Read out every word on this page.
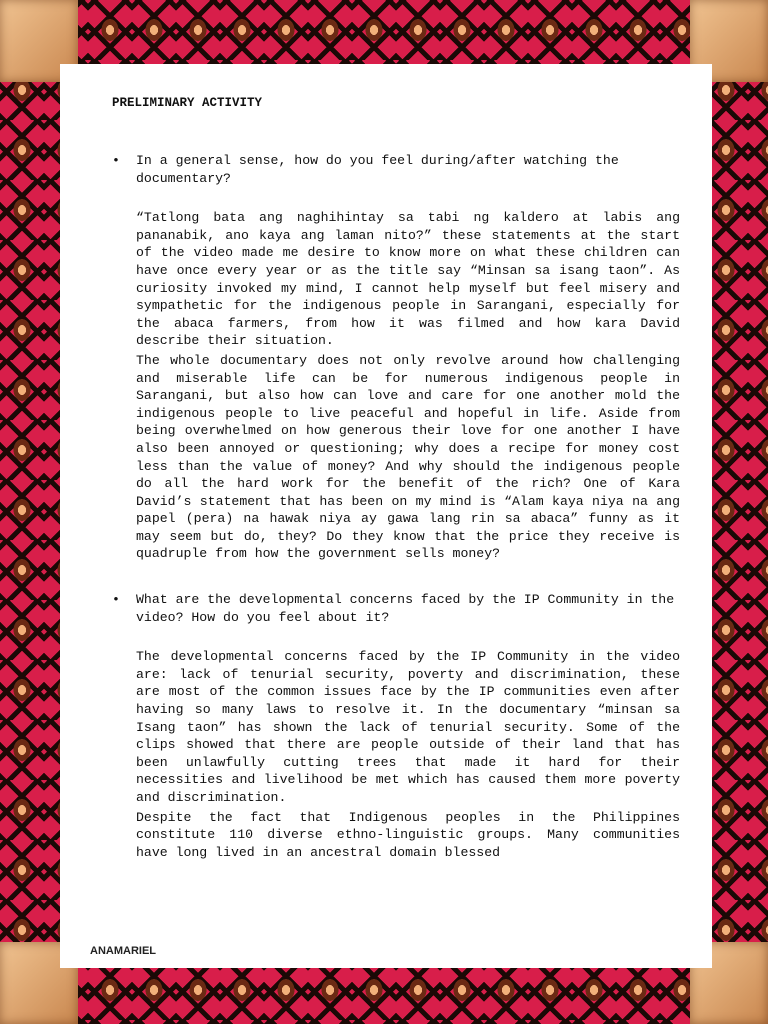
PRELIMINARY ACTIVITY
• In a general sense, how do you feel during/after watching the documentary?

“Tatlong bata ang naghihintay sa tabi ng kaldero at labis ang pananabik, ano kaya ang laman nito?” these statements at the start of the video made me desire to know more on what these children can have once every year or as the title say “Minsan sa isang taon”. As curiosity invoked my mind, I cannot help myself but feel misery and sympathetic for the indigenous people in Sarangani, especially for the abaca farmers, from how it was filmed and how kara David describe their situation.

The whole documentary does not only revolve around how challenging and miserable life can be for numerous indigenous people in Sarangani, but also how can love and care for one another mold the indigenous people to live peaceful and hopeful in life. Aside from being overwhelmed on how generous their love for one another I have also been annoyed or questioning; why does a recipe for money cost less than the value of money? And why should the indigenous people do all the hard work for the benefit of the rich? One of Kara David’s statement that has been on my mind is “Alam kaya niya na ang papel (pera) na hawak niya ay gawa lang rin sa abaca” funny as it may seem but do, they? Do they know that the price they receive is quadruple from how the government sells money?

• What are the developmental concerns faced by the IP Community in the video? How do you feel about it?

The developmental concerns faced by the IP Community in the video are: lack of tenurial security, poverty and discrimination, these are most of the common issues face by the IP communities even after having so many laws to resolve it. In the documentary “minsan sa Isang taon” has shown the lack of tenurial security. Some of the clips showed that there are people outside of their land that has been unlawfully cutting trees that made it hard for their necessities and livelihood be met which has caused them more poverty and discrimination.

Despite the fact that Indigenous peoples in the Philippines constitute 110 diverse ethno-linguistic groups. Many communities have long lived in an ancestral domain blessed

ANAMARIEL
